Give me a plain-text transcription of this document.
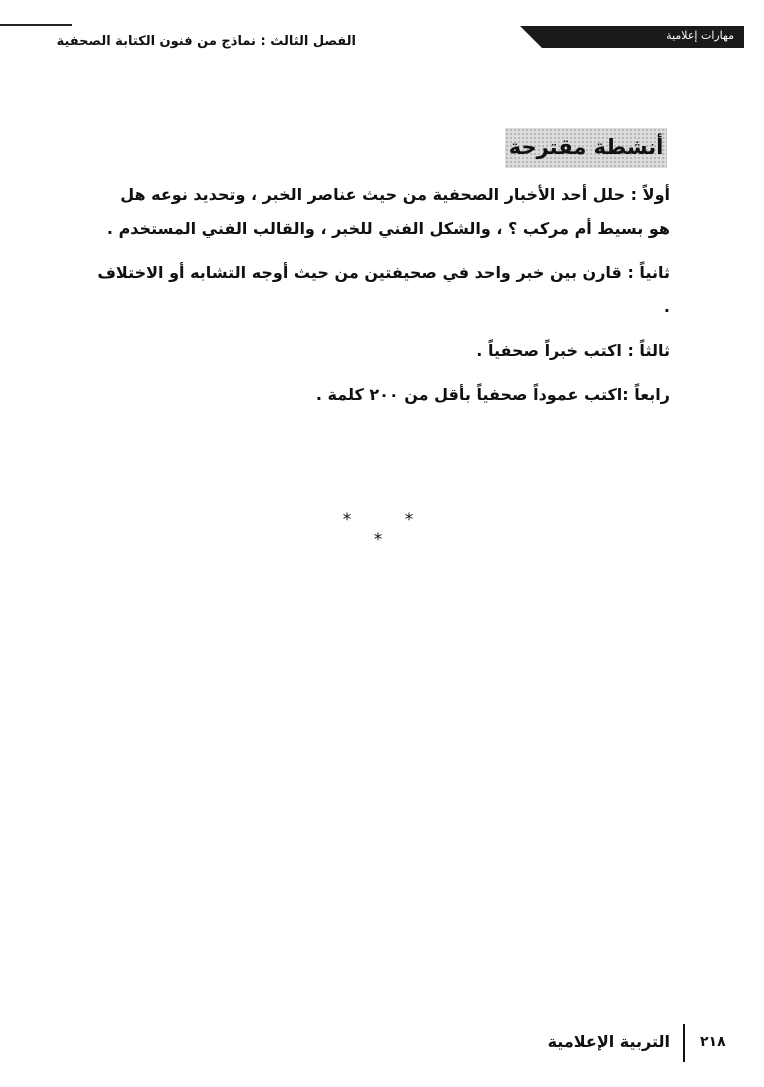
الفصل الثالث : نماذج من فنون الكتابة الصحفية	مهارات إعلامية
أنشطة مقترحة

أولاً : حلل أحد الأخبار الصحفية من حيث عناصر الخبر ، وتحديد نوعه هل هو بسيط أم مركب ؟ ، والشكل الفني للخبر ، والقالب الفني المستخدم .

ثانياً : قارن بين خبر واحد في صحيفتين من حيث أوجه التشابه أو الاختلاف .

ثالثاً : اكتب خبراً صحفياً .

رابعاً :اكتب عموداً صحفياً بأقل من ٢٠٠ كلمة .

* * *
التربية الإعلامية ٢١٨
